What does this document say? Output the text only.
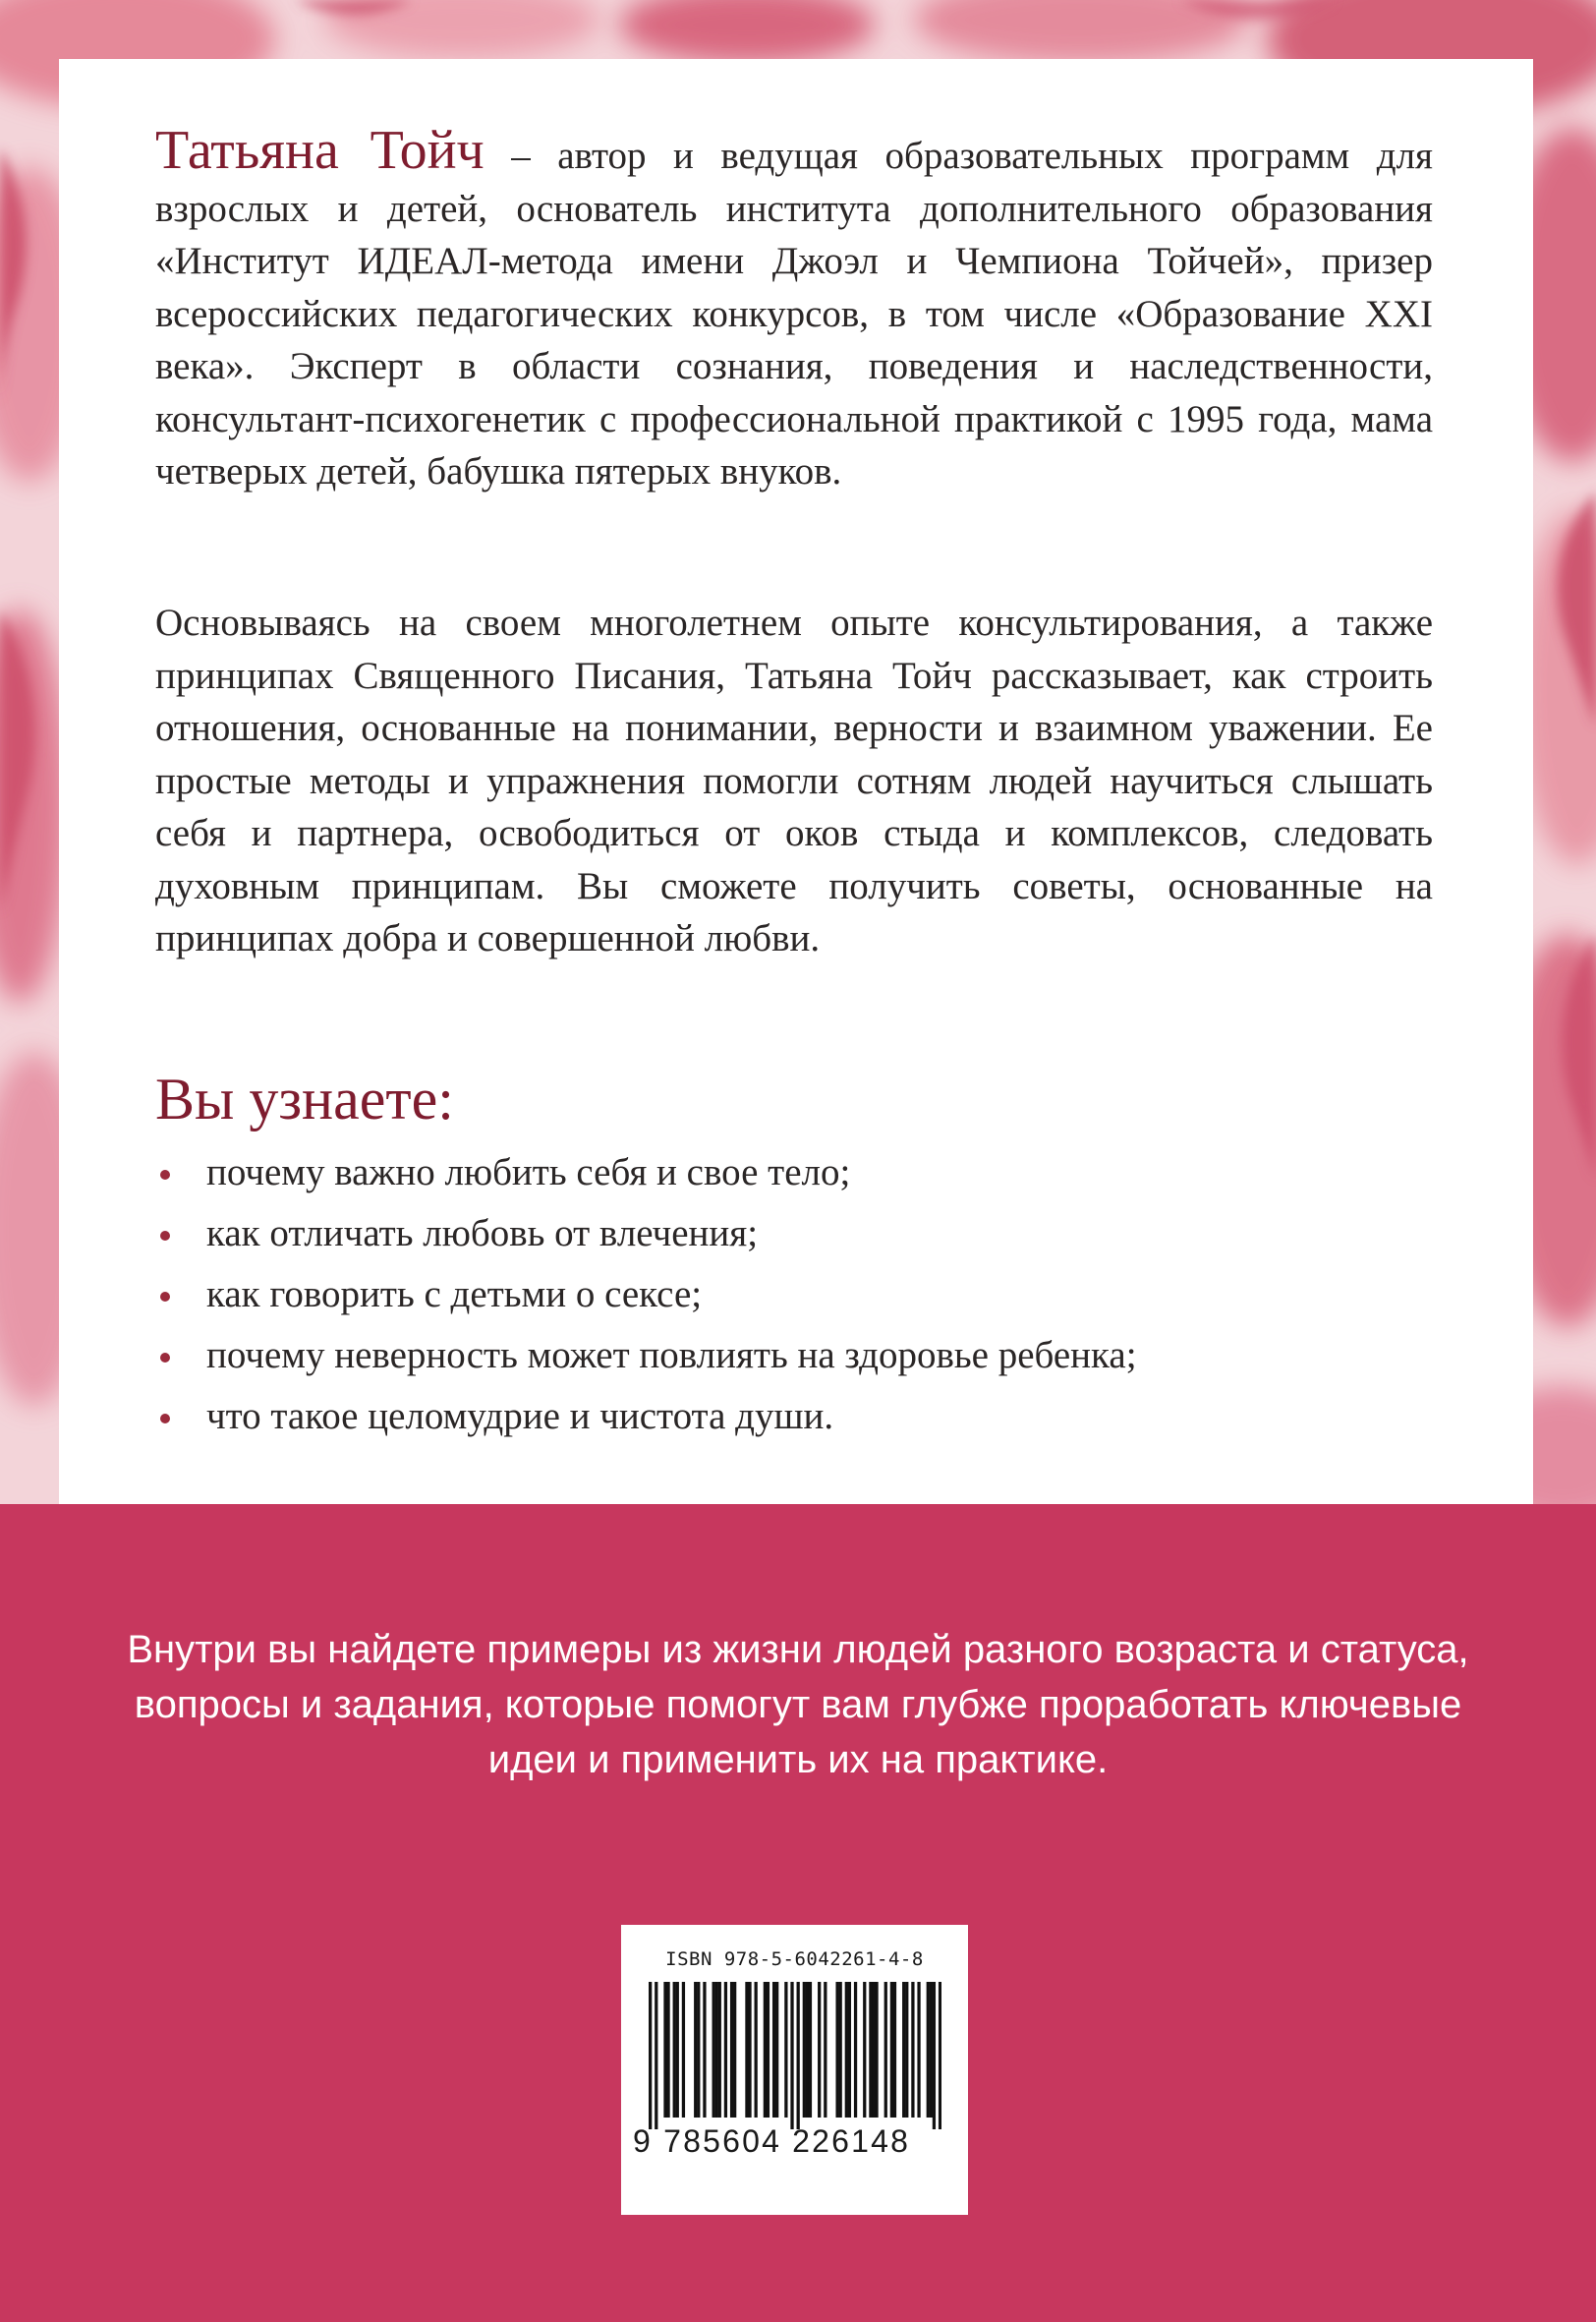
Татьяна Тойч – автор и ведущая образовательных программ для взрослых и детей, основатель института дополнительного образования «Институт ИДЕАЛ-метода имени Джоэл и Чемпиона Тойчей», призер всероссийских педагогических конкурсов, в том числе «Образование XXI века». Эксперт в области сознания, поведения и наследственности, консультант-психогенетик с профессиональной практикой с 1995 года, мама четверых детей, бабушка пятерых внуков.

Основываясь на своем многолетнем опыте консультирования, а также принципах Священного Писания, Татьяна Тойч рассказывает, как строить отношения, основанные на понимании, верности и взаимном уважении. Ее простые методы и упражнения помогли сотням людей научиться слышать себя и партнера, освободиться от оков стыда и комплексов, следовать духовным принципам. Вы сможете получить советы, основанные на принципах добра и совершенной любви.

Вы узнаете:
почему важно любить себя и свое тело;
как отличать любовь от влечения;
как говорить с детьми о сексе;
почему неверность может повлиять на здоровье ребенка;
что такое целомудрие и чистота души.

Внутри вы найдете примеры из жизни людей разного возраста и статуса, вопросы и задания, которые помогут вам глубже проработать ключевые идеи и применить их на практике.

ISBN 978-5-6042261-4-8
9 785604 226148
